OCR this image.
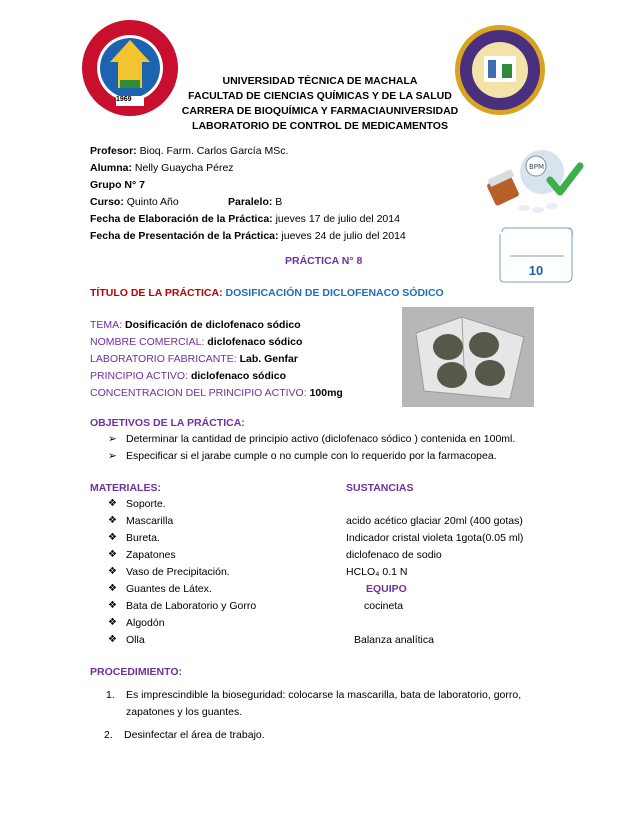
1969
UNIVERSIDAD TÉCNICA DE MACHALA
FACULTAD DE CIENCIAS QUÍMICAS Y DE LA SALUD
CARRERA DE BIOQUÍMICA Y FARMACIAUNIVERSIDAD
LABORATORIO DE CONTROL DE MEDICAMENTOS
BPM
Profesor: Bioq. Farm. Carlos García MSc.
Alumna: Nelly Guaycha Pérez
Grupo N° 7
Curso: Quinto Año	Paralelo: B
Fecha de Elaboración de la Práctica: jueves 17 de julio del 2014
Fecha de Presentación de la Práctica: jueves 24 de julio del 2014
10
PRÁCTICA N° 8
TÍTULO DE LA PRÁCTICA: DOSIFICACIÓN DE DICLOFENACO SÓDICO
TEMA: Dosificación de diclofenaco sódico
NOMBRE COMERCIAL: diclofenaco sódico
LABORATORIO FABRICANTE: Lab. Genfar
PRINCIPIO ACTIVO: diclofenaco sódico
CONCENTRACION DEL PRINCIPIO ACTIVO: 100mg
OBJETIVOS DE LA PRÁCTICA:
➢ Determinar la cantidad de principio activo (diclofenaco sódico ) contenida en 100ml.
➢ Especificar si el jarabe cumple o no cumple con lo requerido por la farmacopea.
MATERIALES:	SUSTANCIAS
❖ Soporte.
❖ Mascarilla
❖ Bureta.
❖ Zapatones
❖ Vaso de Precipitación.
❖ Guantes de Látex.
❖ Bata de Laboratorio y Gorro
❖ Algodón
❖ Olla
acido acético glaciar 20ml (400 gotas)
Indicador cristal violeta 1gota(0.05 ml)
diclofenaco de sodio
HCLO₄ 0.1 N
EQUIPO
cocineta
Balanza analítica
PROCEDIMIENTO:
1. Es imprescindible la bioseguridad: colocarse la mascarilla, bata de laboratorio, gorro,
zapatones y los guantes.
2. Desinfectar el área de trabajo.
